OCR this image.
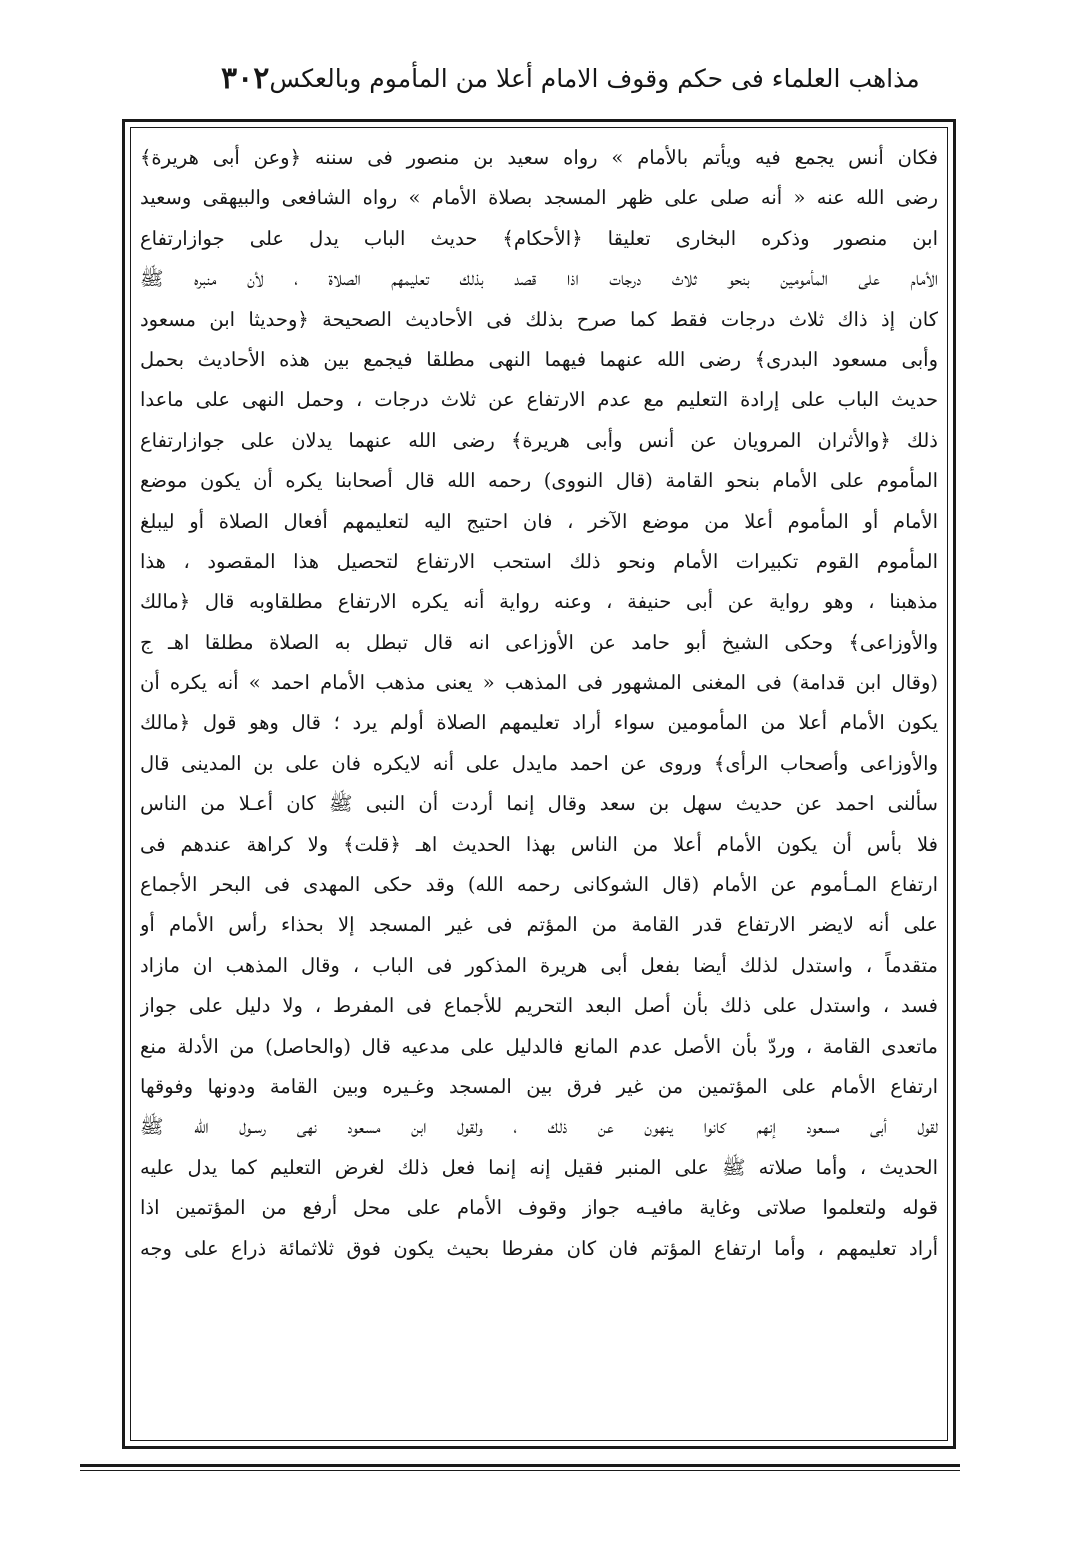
٣٠٢ مذاهب العلماء فى حكم وقوف الامام أعلا من المأموم وبالعكس
فكان أنس يجمع فيه ويأتم بالأمام » رواه سعيد بن منصور فى سننه ﴿وعن أبى هريرة﴾
رضى الله عنه « أنه صلى على ظهر المسجد بصلاة الأمام » رواه الشافعى والبيهقى وسعيد
ابن منصور وذكره البخارى تعليقا ﴿الأحكام﴾ حديث الباب يدل على جوازارتفاع
الأمام على المأمومين بنحو ثلاث درجات اذا قصد بذلك تعليمهم الصلاة ، لأن منبره ﷺ
كان إذ ذاك ثلاث درجات فقط كما صرح بذلك فى الأحاديث الصحيحة ﴿وحديثا ابن مسعود
وأبى مسعود البدرى﴾ رضى الله عنهما فيهما النهى مطلقا فيجمع بين هذه الأحاديث بحمل
حديث الباب على إرادة التعليم مع عدم الارتفاع عن ثلاث درجات ، وحمل النهى على ماعدا
ذلك ﴿والأثران المرويان عن أنس وأبى هريرة﴾ رضى الله عنهما يدلان على جوازارتفاع
المأموم على الأمام بنحو القامة (قال النووى) رحمه الله قال أصحابنا يكره أن يكون موضع
الأمام أو المأموم أعلا من موضع الآخر ، فان احتيج اليه لتعليمهم أفعال الصلاة أو ليبلغ
المأموم القوم تكبيرات الأمام ونحو ذلك استحب الارتفاع لتحصيل هذا المقصود ، هذا
مذهبنا ، وهو رواية عن أبى حنيفة ، وعنه رواية أنه يكره الارتفاع مطلقاوبه قال ﴿مالك
والأوزاعى﴾ وحكى الشيخ أبو حامد عن الأوزاعى انه قال تبطل به الصلاة مطلقا اهـ ج
(وقال ابن قدامة) فى المغنى المشهور فى المذهب « يعنى مذهب الأمام احمد » أنه يكره أن
يكون الأمام أعلا من المأمومين سواء أراد تعليمهم الصلاة أولم يرد ؛ قال وهو قول ﴿مالك
والأوزاعى وأصحاب الرأى﴾ وروى عن احمد مايدل على أنه لايكره فان على بن المدينى قال
سألنى احمد عن حديث سهل بن سعد وقال إنما أردت أن النبى ﷺ كان أعـلا من الناس
فلا بأس أن يكون الأمام أعلا من الناس بهذا الحديث اهـ ﴿قلت﴾ ولا كراهة عندهم فى
ارتفاع المـأموم عن الأمام (قال الشوكانى رحمه الله) وقد حكى المهدى فى البحر الأجماع
على أنه لايضر الارتفاع قدر القامة من المؤتم فى غير المسجد إلا بحذاء رأس الأمام أو
متقدماً ، واستدل لذلك أيضا بفعل أبى هريرة المذكور فى الباب ، وقال المذهب ان مازاد
فسد ، واستدل على ذلك بأن أصل البعد التحريم للأجماع فى المفرط ، ولا دليل على جواز
ماتعدى القامة ، وردّ بأن الأصل عدم المانع فالدليل على مدعيه قال (والحاصل) من الأدلة منع
ارتفاع الأمام على المؤتمين من غير فرق بين المسجد وغـيره وبين القامة ودونها وفوقها
لقول أبى مسعود إنهم كانوا ينهون عن ذلك ، ولقول ابن مسعود نهى رسـول الله ﷺ
الحديث ، وأما صلاته ﷺ على المنبر فقيل إنه إنما فعل ذلك لغرض التعليم كما يدل عليه
قوله ولتعلموا صلاتى وغاية مافيـه جواز وقوف الأمام على محل أرفع من المؤتمين اذا
أراد تعليمهم ، وأما ارتفاع المؤتم فان كان مفرطا بحيث يكون فوق ثلاثمائة ذراع على وجه
